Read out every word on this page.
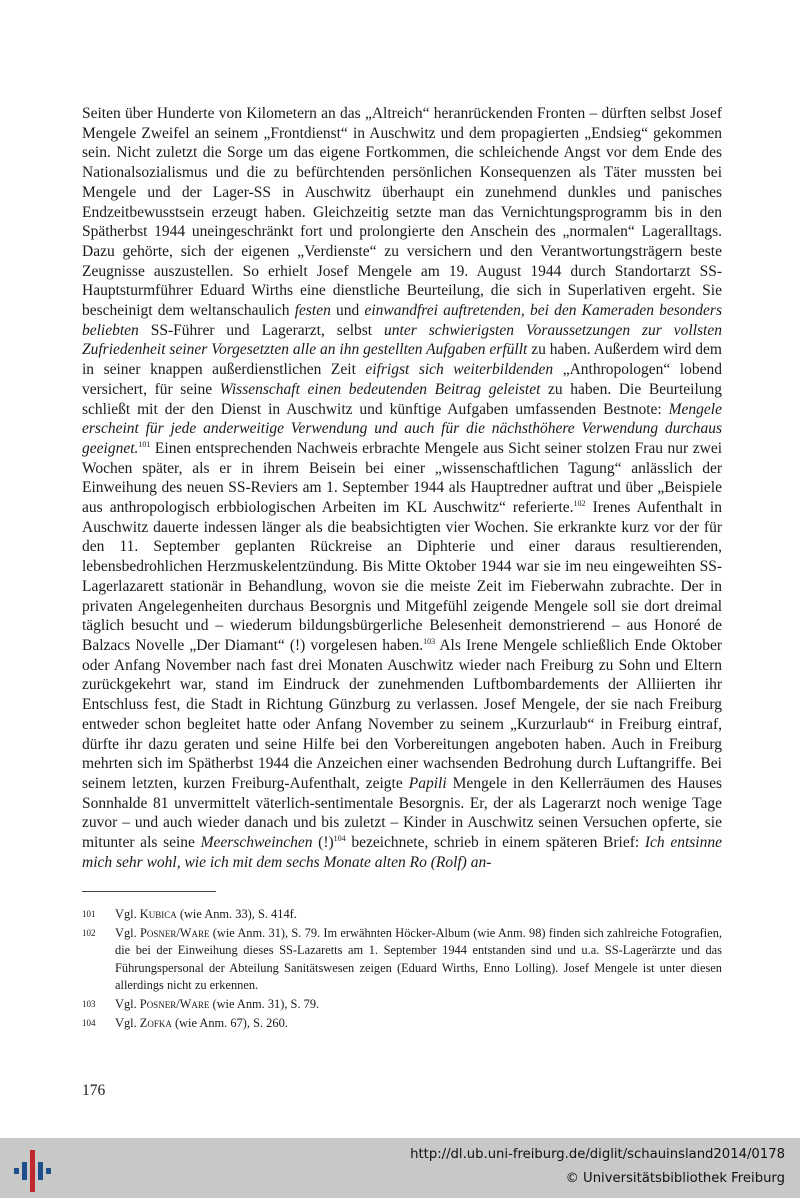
Seiten über Hunderte von Kilometern an das „Altreich“ heranrückenden Fronten – dürften selbst Josef Mengele Zweifel an seinem „Frontdienst“ in Auschwitz und dem propagierten „Endsieg“ gekommen sein. Nicht zuletzt die Sorge um das eigene Fortkommen, die schleichende Angst vor dem Ende des Nationalsozialismus und die zu befürchtenden persönlichen Konsequenzen als Täter mussten bei Mengele und der Lager-SS in Auschwitz überhaupt ein zunehmend dunkles und panisches Endzeitbewusstsein erzeugt haben. Gleichzeitig setzte man das Vernichtungsprogramm bis in den Spätherbst 1944 uneingeschränkt fort und prolongierte den Anschein des „normalen“ Lageralltags. Dazu gehörte, sich der eigenen „Verdienste“ zu versichern und den Verantwortungsträgern beste Zeugnisse auszustellen. So erhielt Josef Mengele am 19. August 1944 durch Standortarzt SS-Hauptsturmführer Eduard Wirths eine dienstliche Beurteilung, die sich in Superlativen ergeht. Sie bescheinigt dem weltanschaulich festen und einwandfrei auftretenden, bei den Kameraden besonders beliebten SS-Führer und Lagerarzt, selbst unter schwierigsten Voraussetzungen zur vollsten Zufriedenheit seiner Vorgesetzten alle an ihn gestellten Aufgaben erfüllt zu haben. Außerdem wird dem in seiner knappen außerdienstlichen Zeit eifrigst sich weiterbildenden „Anthropologen“ lobend versichert, für seine Wissenschaft einen bedeutenden Beitrag geleistet zu haben. Die Beurteilung schließt mit der den Dienst in Auschwitz und künftige Aufgaben umfassenden Bestnote: Mengele erscheint für jede anderweitige Verwendung und auch für die nächsthöhere Verwendung durchaus geeignet.$^{101}$ Einen entsprechenden Nachweis erbrachte Mengele aus Sicht seiner stolzen Frau nur zwei Wochen später, als er in ihrem Beisein bei einer „wissenschaftlichen Tagung“ anlässlich der Einweihung des neuen SS-Reviers am 1. September 1944 als Hauptredner auftrat und über „Beispiele aus anthropologisch erbbiologischen Arbeiten im KL Auschwitz“ referierte.$^{102}$ Irenes Aufenthalt in Auschwitz dauerte indessen länger als die beabsichtigten vier Wochen. Sie erkrankte kurz vor der für den 11. September geplanten Rückreise an Diphterie und einer daraus resultierenden, lebensbedrohlichen Herzmuskelentzündung. Bis Mitte Oktober 1944 war sie im neu eingeweihten SS-Lagerlazarett stationär in Behandlung, wovon sie die meiste Zeit im Fieberwahn zubrachte. Der in privaten Angelegenheiten durchaus Besorgnis und Mitgefühl zeigende Mengele soll sie dort dreimal täglich besucht und – wiederum bildungsbürgerliche Belesenheit demonstrierend – aus Honoré de Balzacs Novelle „Der Diamant“ (!) vorgelesen haben.$^{103}$ Als Irene Mengele schließlich Ende Oktober oder Anfang November nach fast drei Monaten Auschwitz wieder nach Freiburg zu Sohn und Eltern zurückgekehrt war, stand im Eindruck der zunehmenden Luftbombardements der Alliierten ihr Entschluss fest, die Stadt in Richtung Günzburg zu verlassen. Josef Mengele, der sie nach Freiburg entweder schon begleitet hatte oder Anfang November zu seinem „Kurzurlaub“ in Freiburg eintraf, dürfte ihr dazu geraten und seine Hilfe bei den Vorbereitungen angeboten haben. Auch in Freiburg mehrten sich im Spätherbst 1944 die Anzeichen einer wachsenden Bedrohung durch Luftangriffe. Bei seinem letzten, kurzen Freiburg-Aufenthalt, zeigte Papili Mengele in den Kellerräumen des Hauses Sonnhalde 81 unvermittelt väterlich-sentimentale Besorgnis. Er, der als Lagerarzt noch wenige Tage zuvor – und auch wieder danach und bis zuletzt – Kinder in Auschwitz seinen Versuchen opferte, sie mitunter als seine Meerschweinchen (!)$^{104}$ bezeichnete, schrieb in einem späteren Brief: Ich entsinne mich sehr wohl, wie ich mit dem sechs Monate alten Ro (Rolf) an-

101	Vgl. Kubica (wie Anm. 33), S. 414f.
102	Vgl. Posner/Ware (wie Anm. 31), S. 79. Im erwähnten Höcker-Album (wie Anm. 98) finden sich zahlreiche Fotografien, die bei der Einweihung dieses SS-Lazaretts am 1. September 1944 entstanden sind und u.a. SS-Lagerärzte und das Führungspersonal der Abteilung Sanitätswesen zeigen (Eduard Wirths, Enno Lolling). Josef Mengele ist unter diesen allerdings nicht zu erkennen.
103	Vgl. Posner/Ware (wie Anm. 31), S. 79.
104	Vgl. Zofka (wie Anm. 67), S. 260.
176
http://dl.ub.uni-freiburg.de/diglit/schauinsland2014/0178
© Universitätsbibliothek Freiburg
